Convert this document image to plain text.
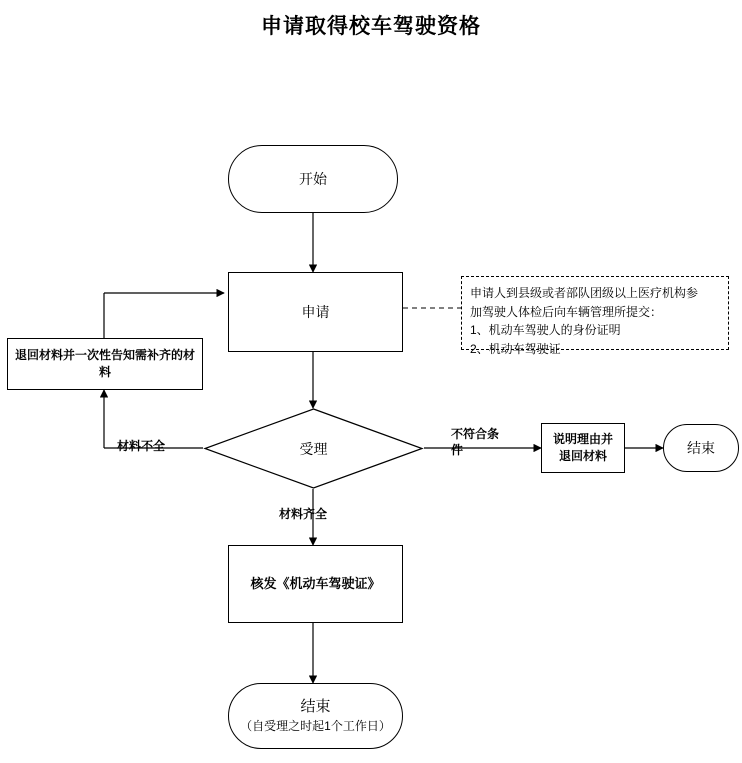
申请取得校车驾驶资格
开始
申请
申请人到县级或者部队团级以上医疗机构参
加驾驶人体检后向车辆管理所提交：
1、机动车驾驶人的身份证明
2、机动车驾驶证
退回材料并一次性告知需补齐的材料
受理
说明理由并
退回材料
结束
核发《机动车驾驶证》
结束
（自受理之时起1个工作日）
材料不全
不符合条
件
材料齐全
